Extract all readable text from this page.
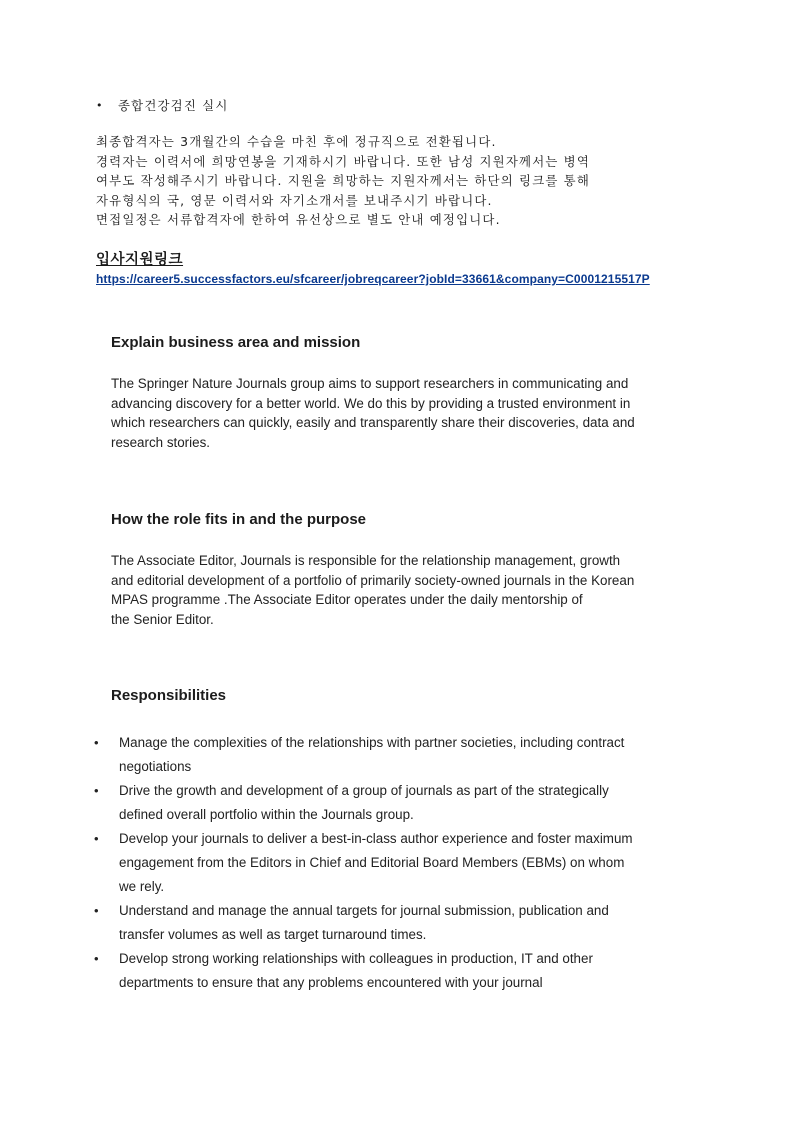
•	종합건강검진 실시
최종합격자는 3개월간의 수습을 마친 후에 정규직으로 전환됩니다.
경력자는 이력서에 희망연봉을 기재하시기 바랍니다. 또한 남성 지원자께서는 병역
여부도 작성해주시기 바랍니다. 지원을 희망하는 지원자께서는 하단의 링크를 통해
자유형식의 국, 영문 이력서와 자기소개서를 보내주시기 바랍니다.
면접일정은 서류합격자에 한하여 유선상으로 별도 안내 예정입니다.
입사지원링크
https://career5.successfactors.eu/sfcareer/jobreqcareer?jobId=33661&company=C0001215517P
Explain business area and mission
The Springer Nature Journals group aims to support researchers in communicating and
advancing discovery for a better world. We do this by providing a trusted environment in
which researchers can quickly, easily and transparently share their discoveries, data and
research stories.
How the role fits in and the purpose
The Associate Editor, Journals is responsible for the relationship management, growth
and editorial development of a portfolio of primarily society-owned journals in the Korean
MPAS programme .The Associate Editor operates under the daily mentorship of
the Senior Editor.
Responsibilities
• Manage the complexities of the relationships with partner societies, including contract
negotiations
• Drive the growth and development of a group of journals as part of the strategically
defined overall portfolio within the Journals group.
• Develop your journals to deliver a best-in-class author experience and foster maximum
engagement from the Editors in Chief and Editorial Board Members (EBMs) on whom
we rely.
• Understand and manage the annual targets for journal submission, publication and
transfer volumes as well as target turnaround times.
• Develop strong working relationships with colleagues in production, IT and other
departments to ensure that any problems encountered with your journal
